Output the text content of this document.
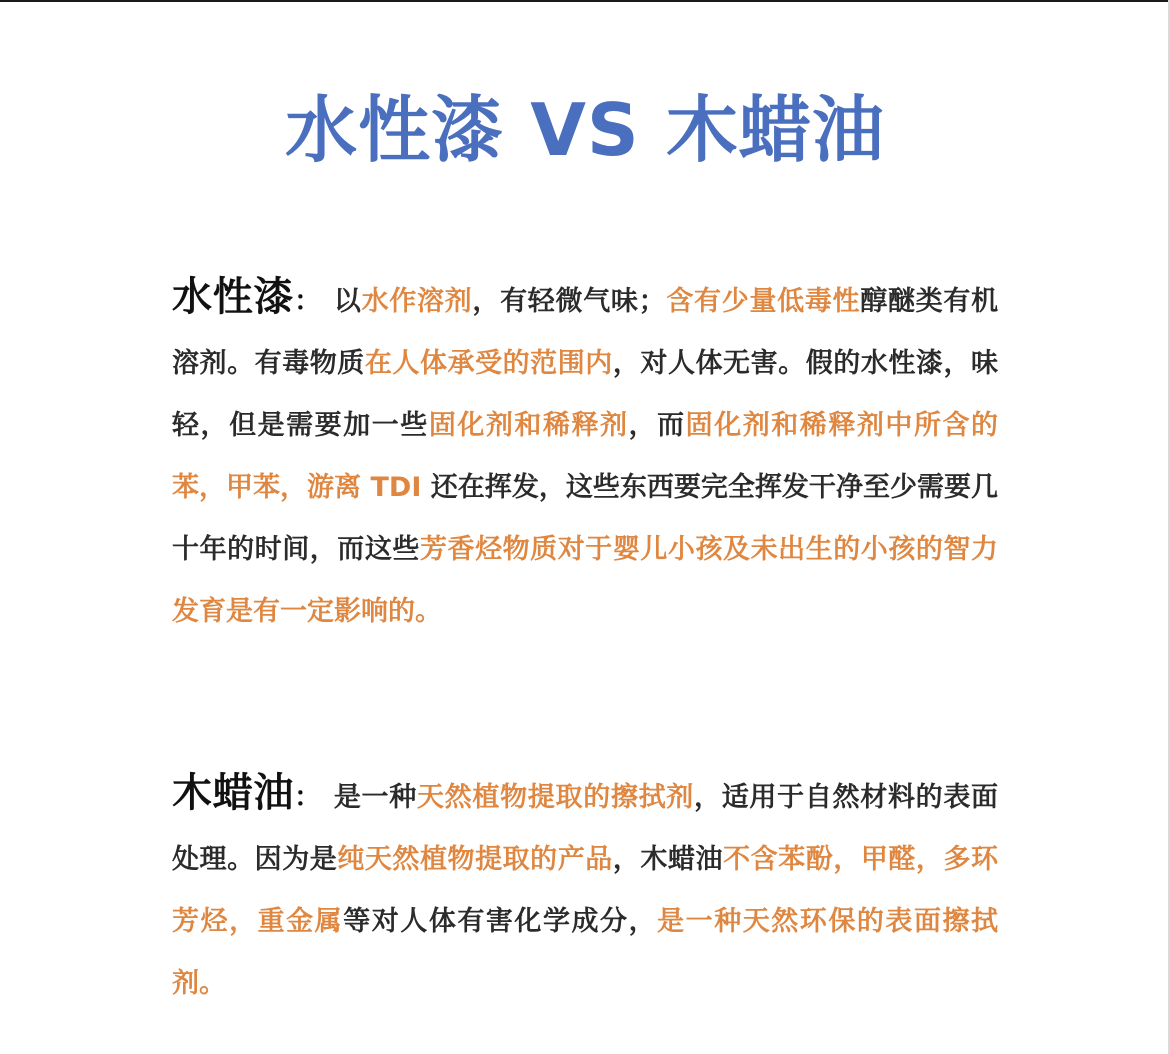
水性漆 VS 木蜡油
水性漆： 以水作溶剂，有轻微气味；含有少量低毒性醇醚类有机溶剂。有毒物质在人体承受的范围内，对人体无害。假的水性漆，味轻，但是需要加一些固化剂和稀释剂，而固化剂和稀释剂中所含的苯，甲苯，游离 TDI 还在挥发，这些东西要完全挥发干净至少需要几十年的时间，而这些芳香烃物质对于婴儿小孩及未出生的小孩的智力发育是有一定影响的。
木蜡油： 是一种天然植物提取的擦拭剂，适用于自然材料的表面处理。因为是纯天然植物提取的产品，木蜡油不含苯酚，甲醛，多环芳烃，重金属等对人体有害化学成分，是一种天然环保的表面擦拭剂。
